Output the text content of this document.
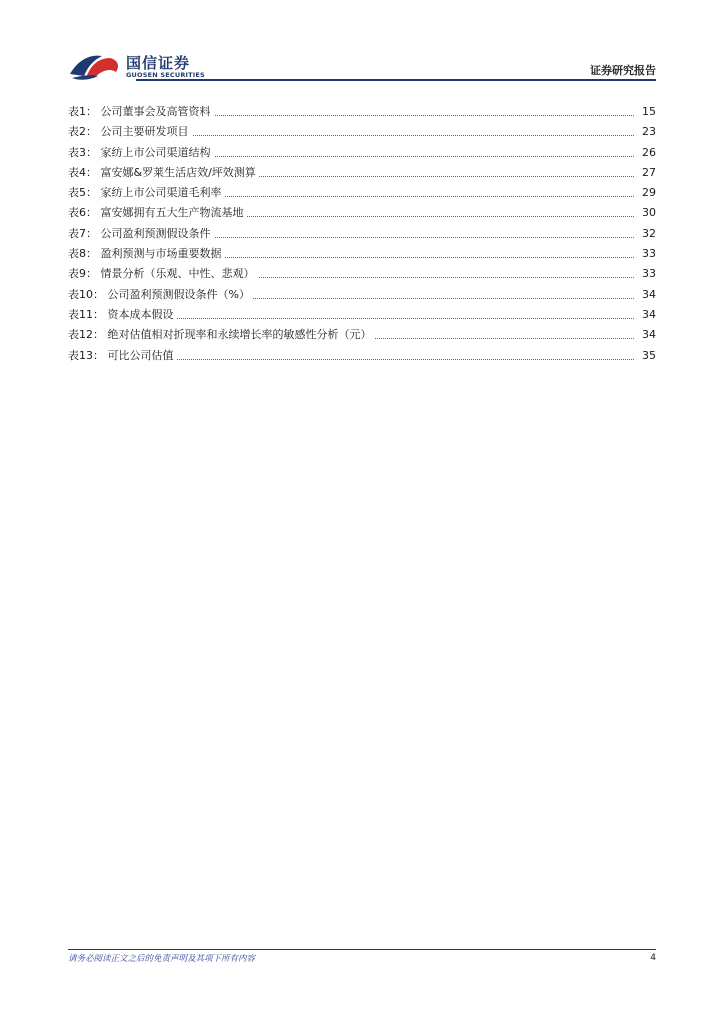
国信证券
GUOSEN SECURITIES	证券研究报告
表1： 公司董事会及高管资料	15
表2： 公司主要研发项目	23
表3： 家纺上市公司渠道结构	26
表4： 富安娜&罗莱生活店效/坪效测算	27
表5： 家纺上市公司渠道毛利率	29
表6： 富安娜拥有五大生产物流基地	30
表7： 公司盈利预测假设条件	32
表8： 盈利预测与市场重要数据	33
表9： 情景分析（乐观、中性、悲观）	33
表10： 公司盈利预测假设条件（%）	34
表11： 资本成本假设	34
表12： 绝对估值相对折现率和永续增长率的敏感性分析（元）	34
表13： 可比公司估值	35
请务必阅读正文之后的免责声明及其项下所有内容	4
